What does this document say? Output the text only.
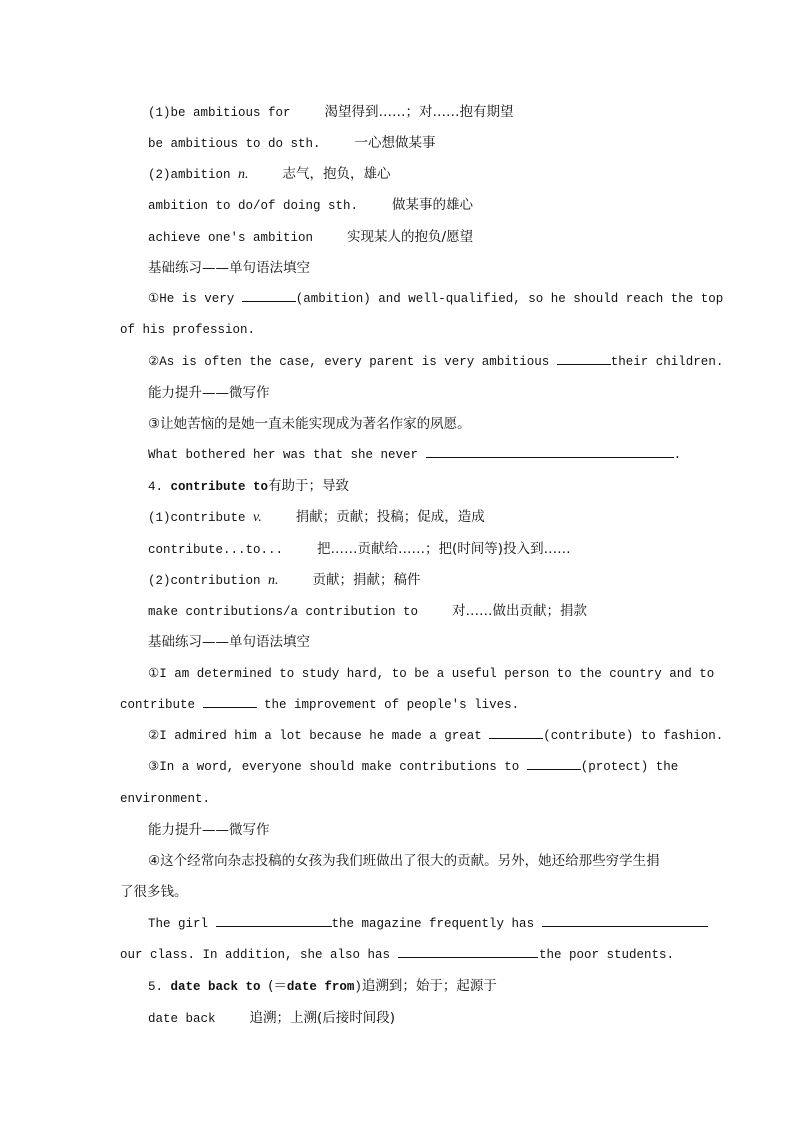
(1)be ambitious for	渴望得到……；对……抱有期望
be ambitious to do sth.	一心想做某事
(2)ambition n.	志气，抱负，雄心
ambition to do/of doing sth.	做某事的雄心
achieve one's ambition	实现某人的抱负/愿望
基础练习——单句语法填空
①He is very	(ambition) and well-qualified, so he should reach the top
of his profession.
②As is often the case, every parent is very ambitious	their children.
能力提升——微写作
③让她苦恼的是她一直未能实现成为著名作家的夙愿。
What bothered her was that she never	.
4. contribute to有助于；导致
(1)contribute v.	捐献；贡献；投稿；促成，造成
contribute...to...	把……贡献给……；把(时间等)投入到……
(2)contribution n.	贡献；捐献；稿件
make contributions/a contribution to	对……做出贡献；捐款
基础练习——单句语法填空
①I am determined to study hard, to be a useful person to the country and to
contribute	the improvement of people's lives.
②I admired him a lot because he made a great	(contribute) to fashion.
③In a word, everyone should make contributions to	(protect) the
environment.
能力提升——微写作
④这个经常向杂志投稿的女孩为我们班做出了很大的贡献。另外，她还给那些穷学生捐
了很多钱。
The girl	the magazine frequently has
our class. In addition, she also has	the poor students.
5. date back to (＝date from)追溯到；始于；起源于
date back	追溯；上溯(后接时间段)
